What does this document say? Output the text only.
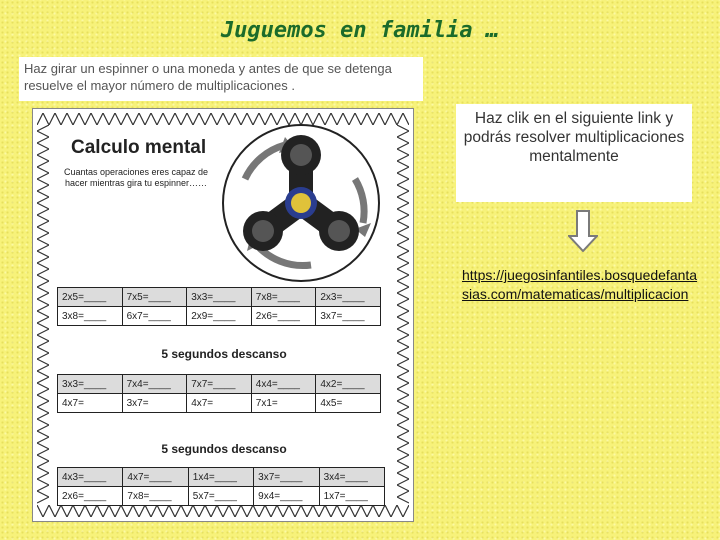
Juguemos en familia …
Haz girar un espinner o una moneda y antes de que se detenga resuelve el mayor número de multiplicaciones .
Calculo mental
Cuantas operaciones eres capaz de hacer mientras gira tu espinner……
2x5=____	7x5=____	3x3=____	7x8=____	2x3=____
3x8=____	6x7=____	2x9=____	2x6=____	3x7=____
5 segundos descanso
3x3=____	7x4=____	7x7=____	4x4=____	4x2=____
4x7=	3x7=	4x7=	7x1=	4x5=
5 segundos descanso
4x3=____	4x7=____	1x4=____	3x7=____	3x4=____
2x6=____	7x8=____	5x7=____	9x4=____	1x7=____
Haz clik en el siguiente link y podrás resolver multiplicaciones mentalmente
https://juegosinfantiles.bosquedefantasias.com/matematicas/multiplicacion
